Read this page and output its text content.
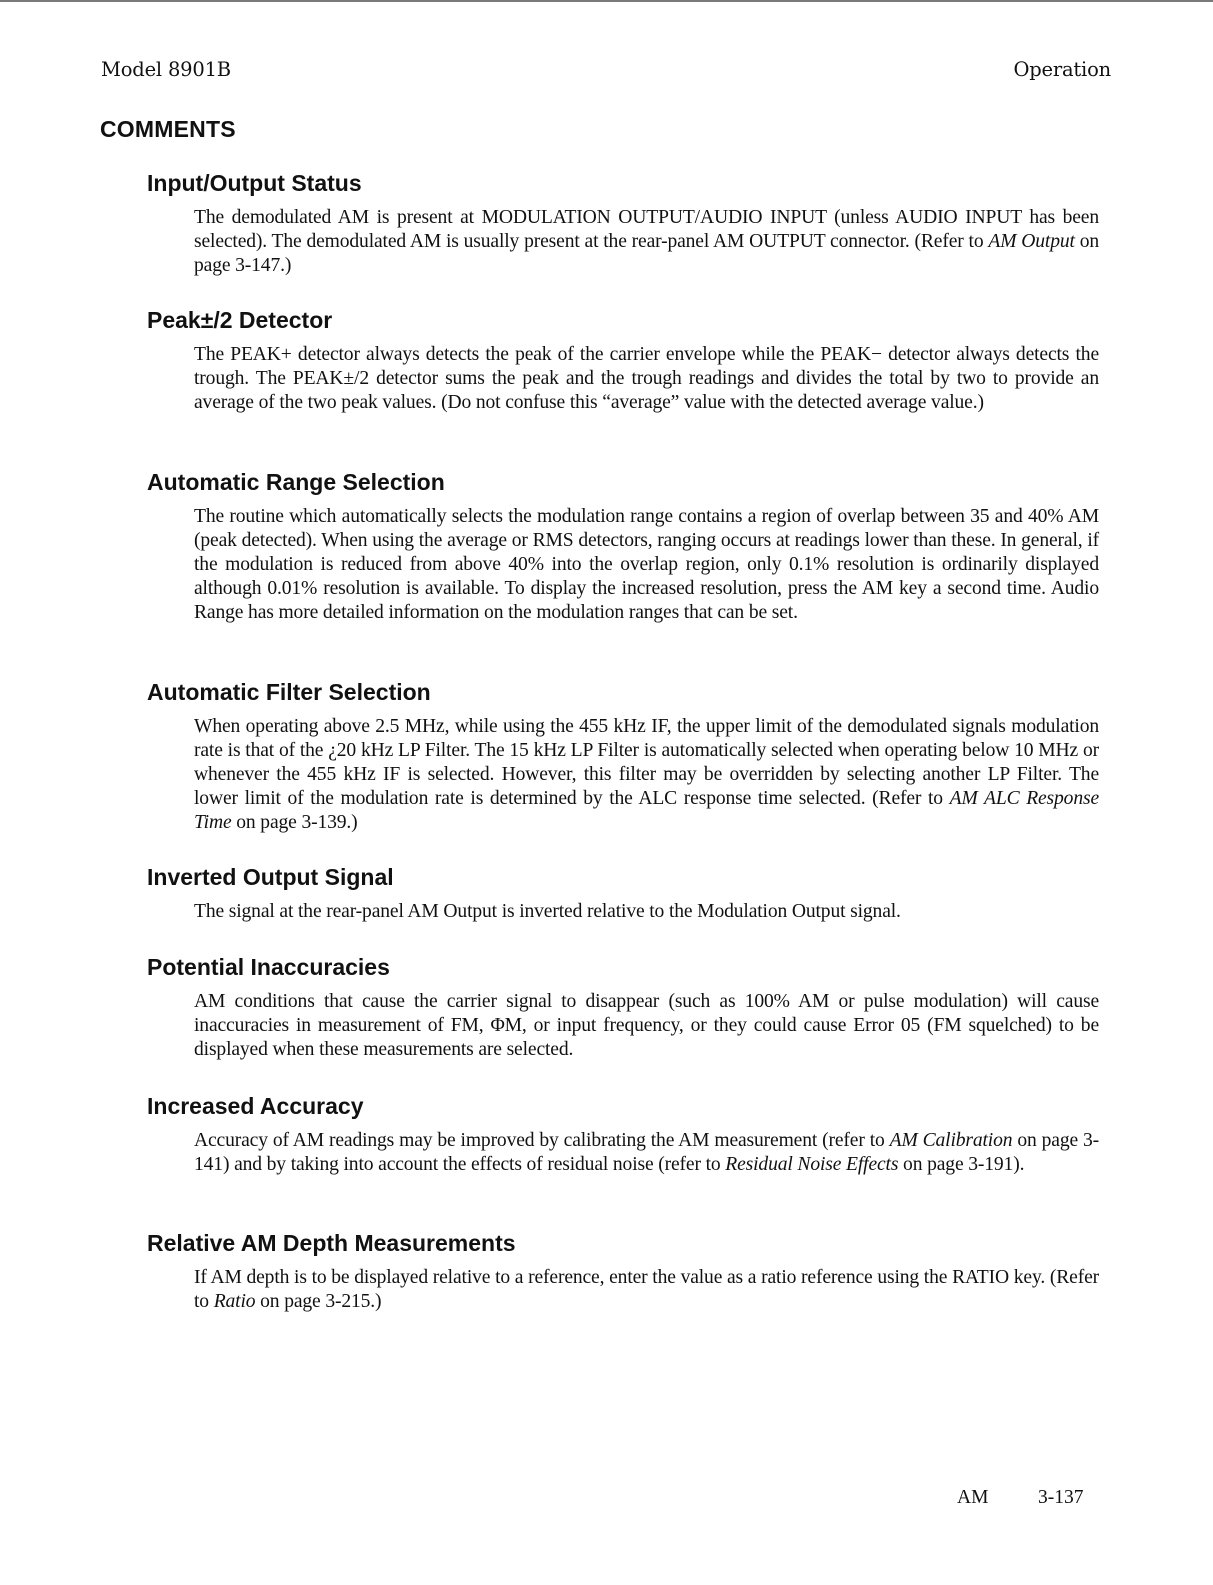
Model 8901B	Operation
COMMENTS
Input/Output Status

The demodulated AM is present at MODULATION OUTPUT/AUDIO INPUT (unless AUDIO INPUT has been selected). The demodulated AM is usually present at the rear-panel AM OUTPUT connector. (Refer to AM Output on page 3-147.)

Peak±/2 Detector

The PEAK+ detector always detects the peak of the carrier envelope while the PEAK− detector always detects the trough. The PEAK±/2 detector sums the peak and the trough readings and divides the total by two to provide an average of the two peak values. (Do not confuse this “average” value with the detected average value.)

Automatic Range Selection

The routine which automatically selects the modulation range contains a region of overlap between 35 and 40% AM (peak detected). When using the average or RMS detectors, ranging occurs at readings lower than these. In general, if the modulation is reduced from above 40% into the overlap region, only 0.1% resolution is ordinarily displayed although 0.01% resolution is available. To display the increased resolution, press the AM key a second time. Audio Range has more detailed information on the modulation ranges that can be set.

Automatic Filter Selection

When operating above 2.5 MHz, while using the 455 kHz IF, the upper limit of the demodulated signals modulation rate is that of the ¿20 kHz LP Filter. The 15 kHz LP Filter is automatically selected when operating below 10 MHz or whenever the 455 kHz IF is selected. However, this filter may be overridden by selecting another LP Filter. The lower limit of the modulation rate is determined by the ALC response time selected. (Refer to AM ALC Response Time on page 3-139.)

Inverted Output Signal

The signal at the rear-panel AM Output is inverted relative to the Modulation Output signal.

Potential Inaccuracies

AM conditions that cause the carrier signal to disappear (such as 100% AM or pulse modulation) will cause inaccuracies in measurement of FM, ΦM, or input frequency, or they could cause Error 05 (FM squelched) to be displayed when these measurements are selected.

Increased Accuracy

Accuracy of AM readings may be improved by calibrating the AM measurement (refer to AM Calibration on page 3-141) and by taking into account the effects of residual noise (refer to Residual Noise Effects on page 3-191).

Relative AM Depth Measurements

If AM depth is to be displayed relative to a reference, enter the value as a ratio reference using the RATIO key. (Refer to Ratio on page 3-215.)

AM	3-137
